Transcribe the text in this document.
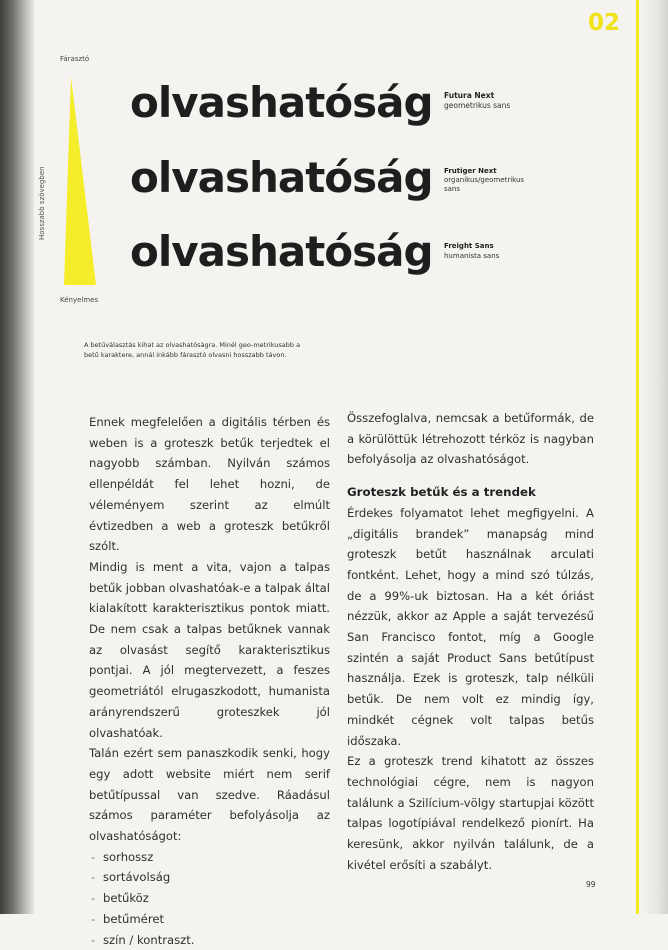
02
Fárasztó
Hosszabb szövegben
Kényelmes
olvashatóság
olvashatóság
olvashatóság
Futura Next
geometrikus sans
Frutiger Next
organikus/geometrikus sans
Freight Sans
humanista sans
A betűválasztás kihat az olvashatóságra. Minél geo-metrikusabb a betű karaktere, annál inkább fárasztó olvasni hosszabb távon.

Ennek megfelelően a digitális térben és weben is a groteszk betűk terjedtek el nagyobb számban. Nyilván számos ellenpéldát fel lehet hozni, de véleményem szerint az elmúlt évtizedben a web a groteszk betűkről szólt.

Mindig is ment a vita, vajon a talpas betűk jobban olvashatóak-e a talpak által kialakított karakterisztikus pontok miatt. De nem csak a talpas betűknek vannak az olvasást segítő karakterisztikus pontjai. A jól megtervezett, a feszes geometriától elrugaszkodott, humanista arányrendszerű groteszkek jól olvashatóak.

Talán ezért sem panaszkodik senki, hogy egy adott website miért nem serif betűtípussal van szedve. Ráadásul számos paraméter befolyásolja az olvashatóságot:

- sorhossz
- sortávolság
- betűköz
- betűméret
- szín / kontraszt.

Összefoglalva, nemcsak a betűformák, de a körülöttük létrehozott térköz is nagyban befolyásolja az olvashatóságot.

Groteszk betűk és a trendek

Érdekes folyamatot lehet megfigyelni. A „digitális brandek” manapság mind groteszk betűt használnak arculati fontként. Lehet, hogy a mind szó túlzás, de a 99%-uk biztosan. Ha a két óriást nézzük, akkor az Apple a saját tervezésű San Francisco fontot, míg a Google szintén a saját Product Sans betűtípust használja. Ezek is groteszk, talp nélküli betűk. De nem volt ez mindig így, mindkét cégnek volt talpas betűs időszaka.

Ez a groteszk trend kihatott az összes technológiai cégre, nem is nagyon találunk a Szilícium-völgy startupjai között talpas logotípiával rendelkező pionírt. Ha keresünk, akkor nyilván találunk, de a kivétel erősíti a szabályt.

99
